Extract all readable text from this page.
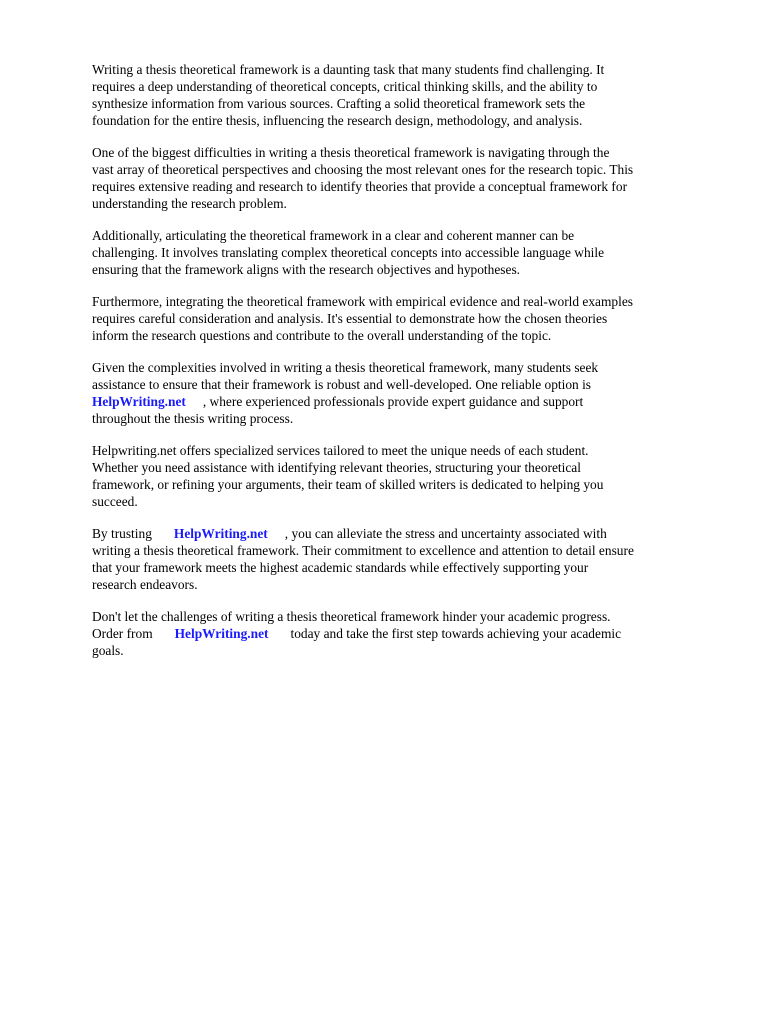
Writing a thesis theoretical framework is a daunting task that many students find challenging. It
requires a deep understanding of theoretical concepts, critical thinking skills, and the ability to
synthesize information from various sources. Crafting a solid theoretical framework sets the
foundation for the entire thesis, influencing the research design, methodology, and analysis.

One of the biggest difficulties in writing a thesis theoretical framework is navigating through the
vast array of theoretical perspectives and choosing the most relevant ones for the research topic. This
requires extensive reading and research to identify theories that provide a conceptual framework for
understanding the research problem.

Additionally, articulating the theoretical framework in a clear and coherent manner can be
challenging. It involves translating complex theoretical concepts into accessible language while
ensuring that the framework aligns with the research objectives and hypotheses.

Furthermore, integrating the theoretical framework with empirical evidence and real-world examples
requires careful consideration and analysis. It's essential to demonstrate how the chosen theories
inform the research questions and contribute to the overall understanding of the topic.

Given the complexities involved in writing a thesis theoretical framework, many students seek
assistance to ensure that their framework is robust and well-developed. One reliable option is
HelpWriting.net , where experienced professionals provide expert guidance and support
throughout the thesis writing process.

Helpwriting.net offers specialized services tailored to meet the unique needs of each student.
Whether you need assistance with identifying relevant theories, structuring your theoretical
framework, or refining your arguments, their team of skilled writers is dedicated to helping you
succeed.

By trusting HelpWriting.net , you can alleviate the stress and uncertainty associated with
writing a thesis theoretical framework. Their commitment to excellence and attention to detail ensure
that your framework meets the highest academic standards while effectively supporting your
research endeavors.

Don't let the challenges of writing a thesis theoretical framework hinder your academic progress.
Order from HelpWriting.net today and take the first step towards achieving your academic
goals.
